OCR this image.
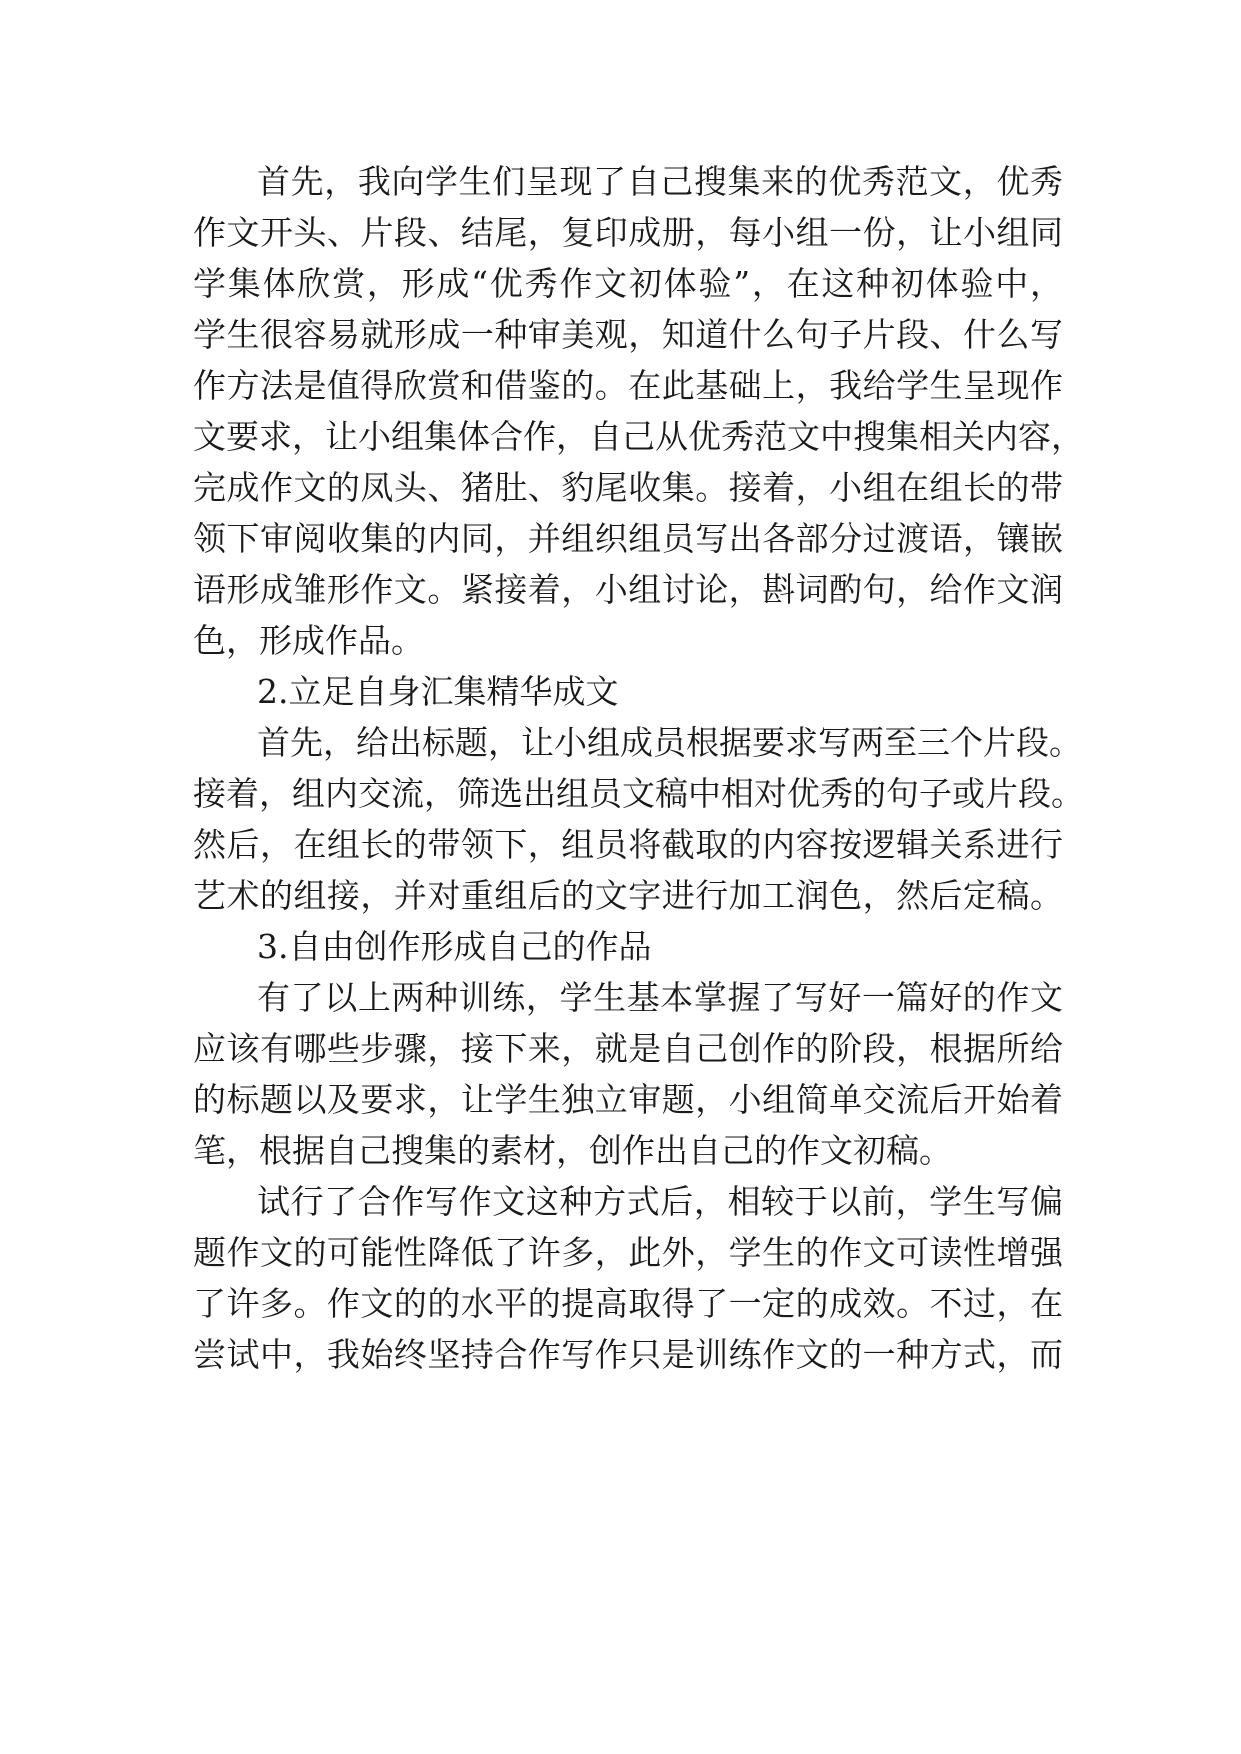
首先，我向学生们呈现了自己搜集来的优秀范文，优秀
作文开头、片段、结尾，复印成册，每小组一份，让小组同
学集体欣赏，形成“优秀作文初体验”，在这种初体验中，
学生很容易就形成一种审美观，知道什么句子片段、什么写
作方法是值得欣赏和借鉴的。在此基础上，我给学生呈现作
文要求，让小组集体合作，自己从优秀范文中搜集相关内容，
完成作文的凤头、猪肚、豹尾收集。接着，小组在组长的带
领下审阅收集的内同，并组织组员写出各部分过渡语，镶嵌
语形成雏形作文。紧接着，小组讨论，斟词酌句，给作文润
色，形成作品。
2.立足自身汇集精华成文
首先，给出标题，让小组成员根据要求写两至三个片段。
接着，组内交流，筛选出组员文稿中相对优秀的句子或片段。
然后，在组长的带领下，组员将截取的内容按逻辑关系进行
艺术的组接，并对重组后的文字进行加工润色，然后定稿。
3.自由创作形成自己的作品
有了以上两种训练，学生基本掌握了写好一篇好的作文
应该有哪些步骤，接下来，就是自己创作的阶段，根据所给
的标题以及要求，让学生独立审题，小组简单交流后开始着
笔，根据自己搜集的素材，创作出自己的作文初稿。
试行了合作写作文这种方式后，相较于以前，学生写偏
题作文的可能性降低了许多，此外，学生的作文可读性增强
了许多。作文的的水平的提高取得了一定的成效。不过，在
尝试中，我始终坚持合作写作只是训练作文的一种方式，而
